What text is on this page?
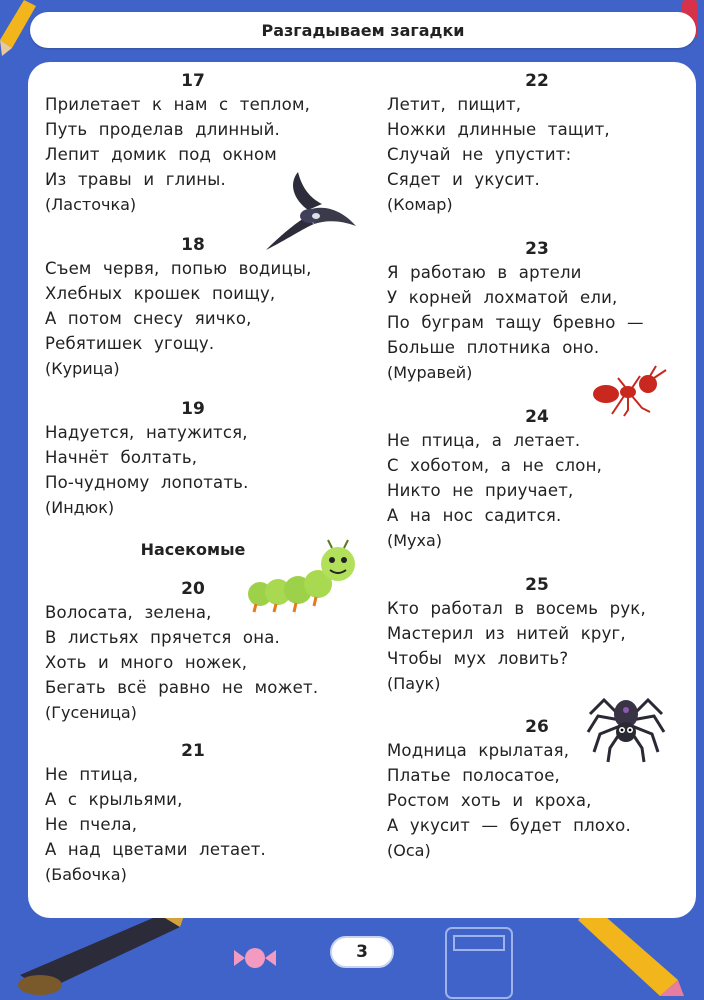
Разгадываем загадки
17
Прилетает к нам с теплом,
Путь проделав длинный.
Лепит домик под окном
Из травы и глины.
(Ласточка)
18
Съем червя, попью водицы,
Хлебных крошек поищу,
А потом снесу яичко,
Ребятишек угощу.
(Курица)
19
Надуется, натужится,
Начнёт болтать,
По-чудному лопотать.
(Индюк)
Насекомые
20
Волосата, зелена,
В листьях прячется она.
Хоть и много ножек,
Бегать всё равно не может.
(Гусеница)
21
Не птица,
А с крыльями,
Не пчела,
А над цветами летает.
(Бабочка)
22
Летит, пищит,
Ножки длинные тащит,
Случай не упустит:
Сядет и укусит.
(Комар)
23
Я работаю в артели
У корней лохматой ели,
По буграм тащу бревно —
Больше плотника оно.
(Муравей)
24
Не птица, а летает.
С хоботом, а не слон,
Никто не приучает,
А на нос садится.
(Муха)
25
Кто работал в восемь рук,
Мастерил из нитей круг,
Чтобы мух ловить?
(Паук)
26
Модница крылатая,
Платье полосатое,
Ростом хоть и кроха,
А укусит — будет плохо.
(Оса)
3
